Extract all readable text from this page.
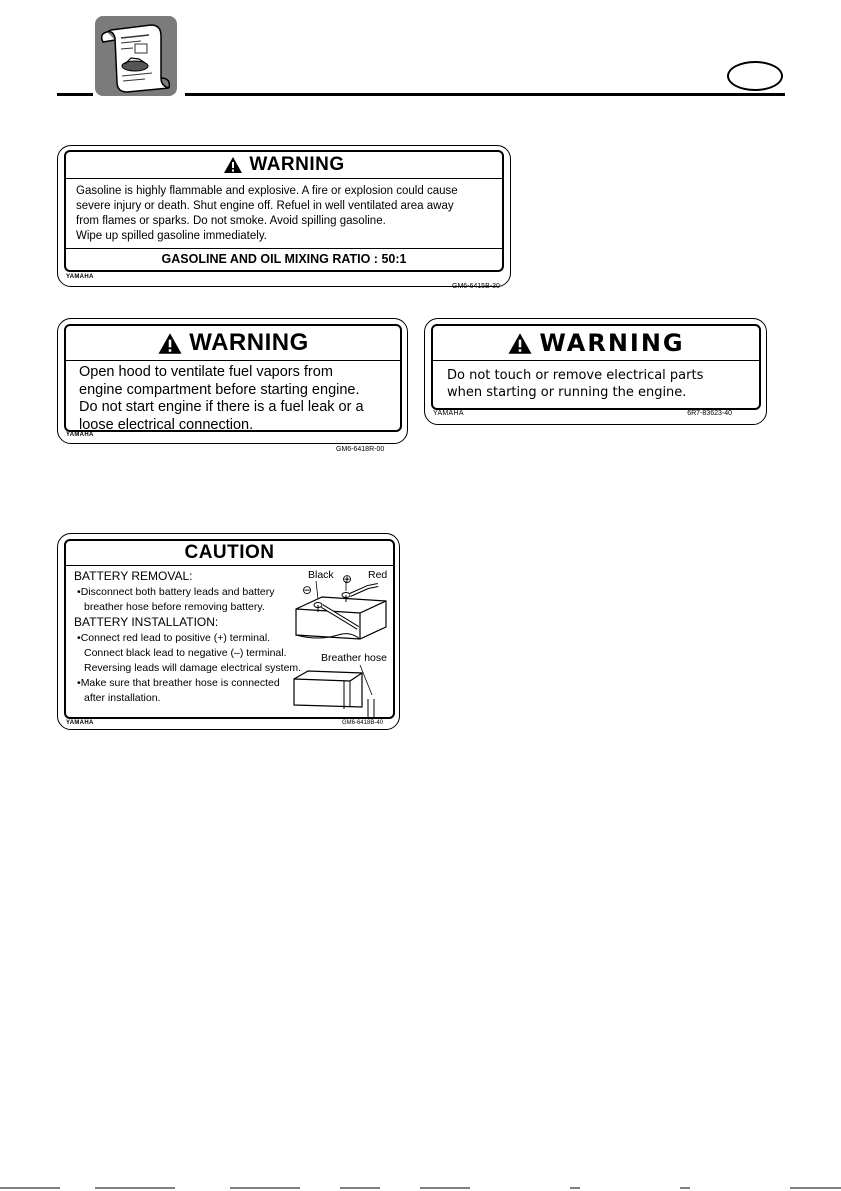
WARNING

Gasoline is highly flammable and explosive. A fire or explosion could cause
severe injury or death. Shut engine off. Refuel in well ventilated area away
from flames or sparks. Do not smoke. Avoid spilling gasoline.
Wipe up spilled gasoline immediately.

GASOLINE AND OIL MIXING RATIO : 50:1
YAMAHA
GM6-6415B-30
WARNING

Open hood to ventilate fuel vapors from
engine compartment before starting engine.
Do not start engine if there is a fuel leak or a
loose electrical connection.

YAMAHA
GM6-6418R-00
WARNING

Do not touch or remove electrical parts
when starting or running the engine.

YAMAHA	6R7-83623-40
CAUTION
BATTERY REMOVAL:
•Disconnect both battery leads and battery
breather hose before removing battery.
BATTERY INSTALLATION:
•Connect red lead to positive (+) terminal.
Connect black lead to negative (–) terminal.
Reversing leads will damage electrical system.
•Make sure that breather hose is connected
after installation.
Black ⊕ Red
⊖
Breather hose
YAMAHA	GM6-6418B-40
